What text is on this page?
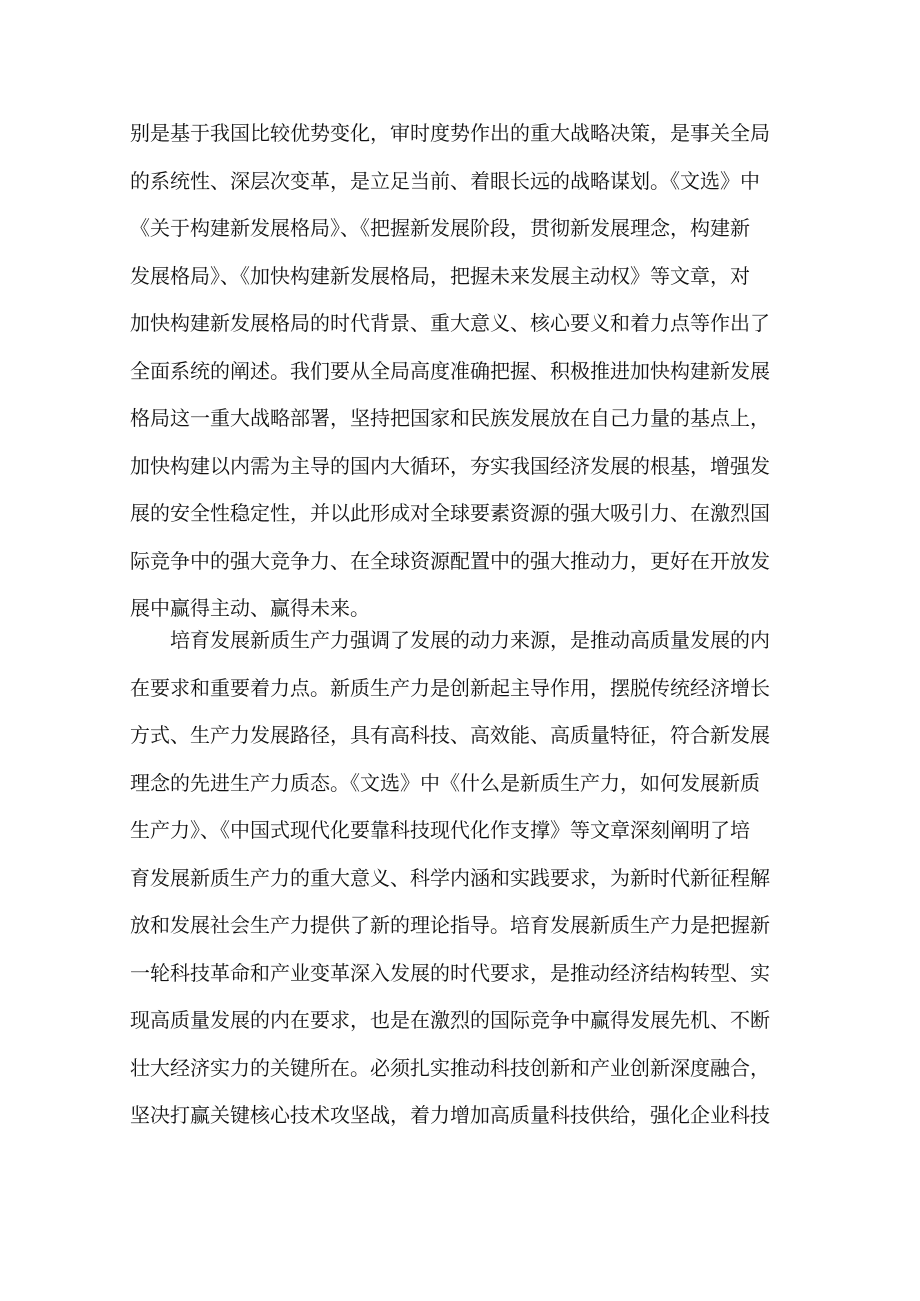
别是基于我国比较优势变化，审时度势作出的重大战略决策，是事关全局
的系统性、深层次变革，是立足当前、着眼长远的战略谋划。《文选》中
《关于构建新发展格局》、《把握新发展阶段，贯彻新发展理念，构建新
发展格局》、《加快构建新发展格局，把握未来发展主动权》等文章，对
加快构建新发展格局的时代背景、重大意义、核心要义和着力点等作出了
全面系统的阐述。我们要从全局高度准确把握、积极推进加快构建新发展
格局这一重大战略部署，坚持把国家和民族发展放在自己力量的基点上，
加快构建以内需为主导的国内大循环，夯实我国经济发展的根基，增强发
展的安全性稳定性，并以此形成对全球要素资源的强大吸引力、在激烈国
际竞争中的强大竞争力、在全球资源配置中的强大推动力，更好在开放发
展中赢得主动、赢得未来。
　　培育发展新质生产力强调了发展的动力来源，是推动高质量发展的内
在要求和重要着力点。新质生产力是创新起主导作用，摆脱传统经济增长
方式、生产力发展路径，具有高科技、高效能、高质量特征，符合新发展
理念的先进生产力质态。《文选》中《什么是新质生产力，如何发展新质
生产力》、《中国式现代化要靠科技现代化作支撑》等文章深刻阐明了培
育发展新质生产力的重大意义、科学内涵和实践要求，为新时代新征程解
放和发展社会生产力提供了新的理论指导。培育发展新质生产力是把握新
一轮科技革命和产业变革深入发展的时代要求，是推动经济结构转型、实
现高质量发展的内在要求，也是在激烈的国际竞争中赢得发展先机、不断
壮大经济实力的关键所在。必须扎实推动科技创新和产业创新深度融合，
坚决打赢关键核心技术攻坚战，着力增加高质量科技供给，强化企业科技
